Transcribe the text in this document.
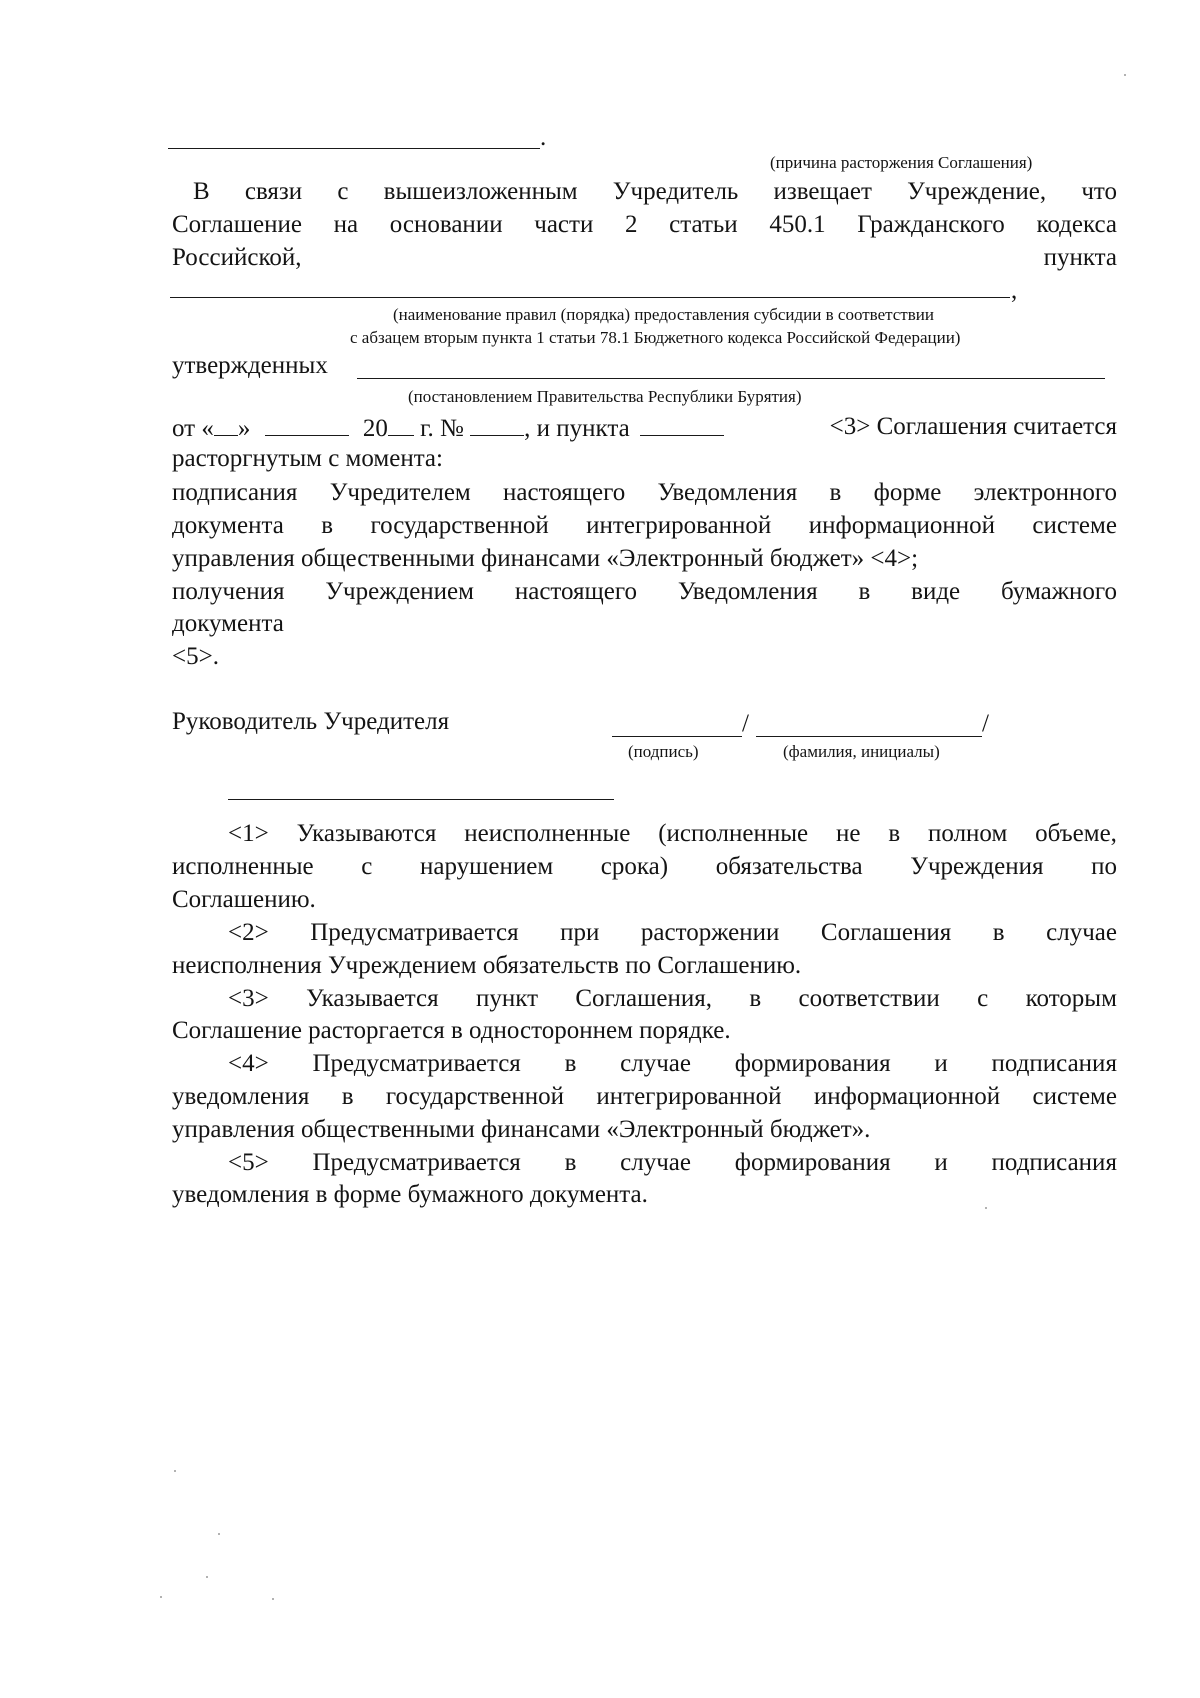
.
(причина расторжения Соглашения)
В связи с вышеизложенным Учредитель извещает Учреждение, что
Соглашение на основании части 2 статьи 450.1 Гражданского кодекса
Российской,	пункта
,
(наименование правил (порядка) предоставления субсидии в соответствии
с абзацем вторым пункта 1 статьи 78.1 Бюджетного кодекса Российской Федерации)
утвержденных
(постановлением Правительства Республики Бурятия)
от « »	20 г. № , и пункта	<3> Соглашения считается
расторгнутым с момента:
подписания Учредителем настоящего Уведомления в форме электронного
документа в государственной интегрированной информационной системе
управления общественными финансами «Электронный бюджет» <4>;
получения Учреждением настоящего Уведомления в виде бумажного
документа
<5>.
Руководитель Учредителя	/	/
(подпись)	(фамилия, инициалы)
<1> Указываются неисполненные (исполненные не в полном объеме,
исполненные с нарушением срока) обязательства Учреждения по
Соглашению.
<2> Предусматривается при расторжении Соглашения в случае
неисполнения Учреждением обязательств по Соглашению.
<3> Указывается пункт Соглашения, в соответствии с которым
Соглашение расторгается в одностороннем порядке.
<4> Предусматривается в случае формирования и подписания
уведомления в государственной интегрированной информационной системе
управления общественными финансами «Электронный бюджет».
<5> Предусматривается в случае формирования и подписания
уведомления в форме бумажного документа.
